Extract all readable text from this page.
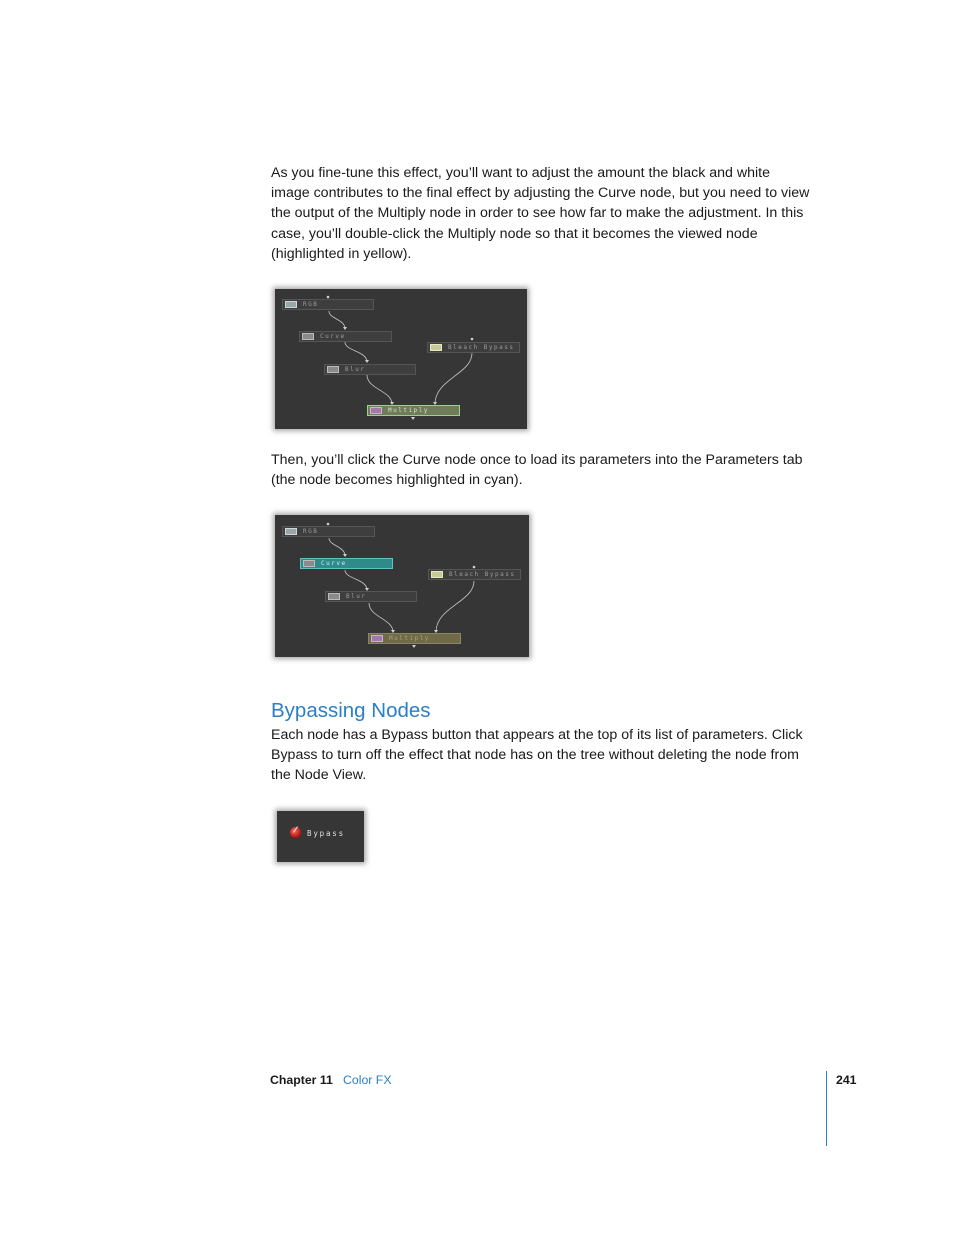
As you fine-tune this effect, you’ll want to adjust the amount the black and white
image contributes to the final effect by adjusting the Curve node, but you need to view
the output of the Multiply node in order to see how far to make the adjustment. In this
case, you’ll double-click the Multiply node so that it becomes the viewed node
(highlighted in yellow).
RGB
Curve
Bleach Bypass
Blur
Multiply
Then, you’ll click the Curve node once to load its parameters into the Parameters tab
(the node becomes highlighted in cyan).
RGB
Curve
Bleach Bypass
Blur
Multiply
Bypassing Nodes
Each node has a Bypass button that appears at the top of its list of parameters. Click
Bypass to turn off the effect that node has on the tree without deleting the node from
the Node View.
Bypass
Chapter 11 Color FX	241
